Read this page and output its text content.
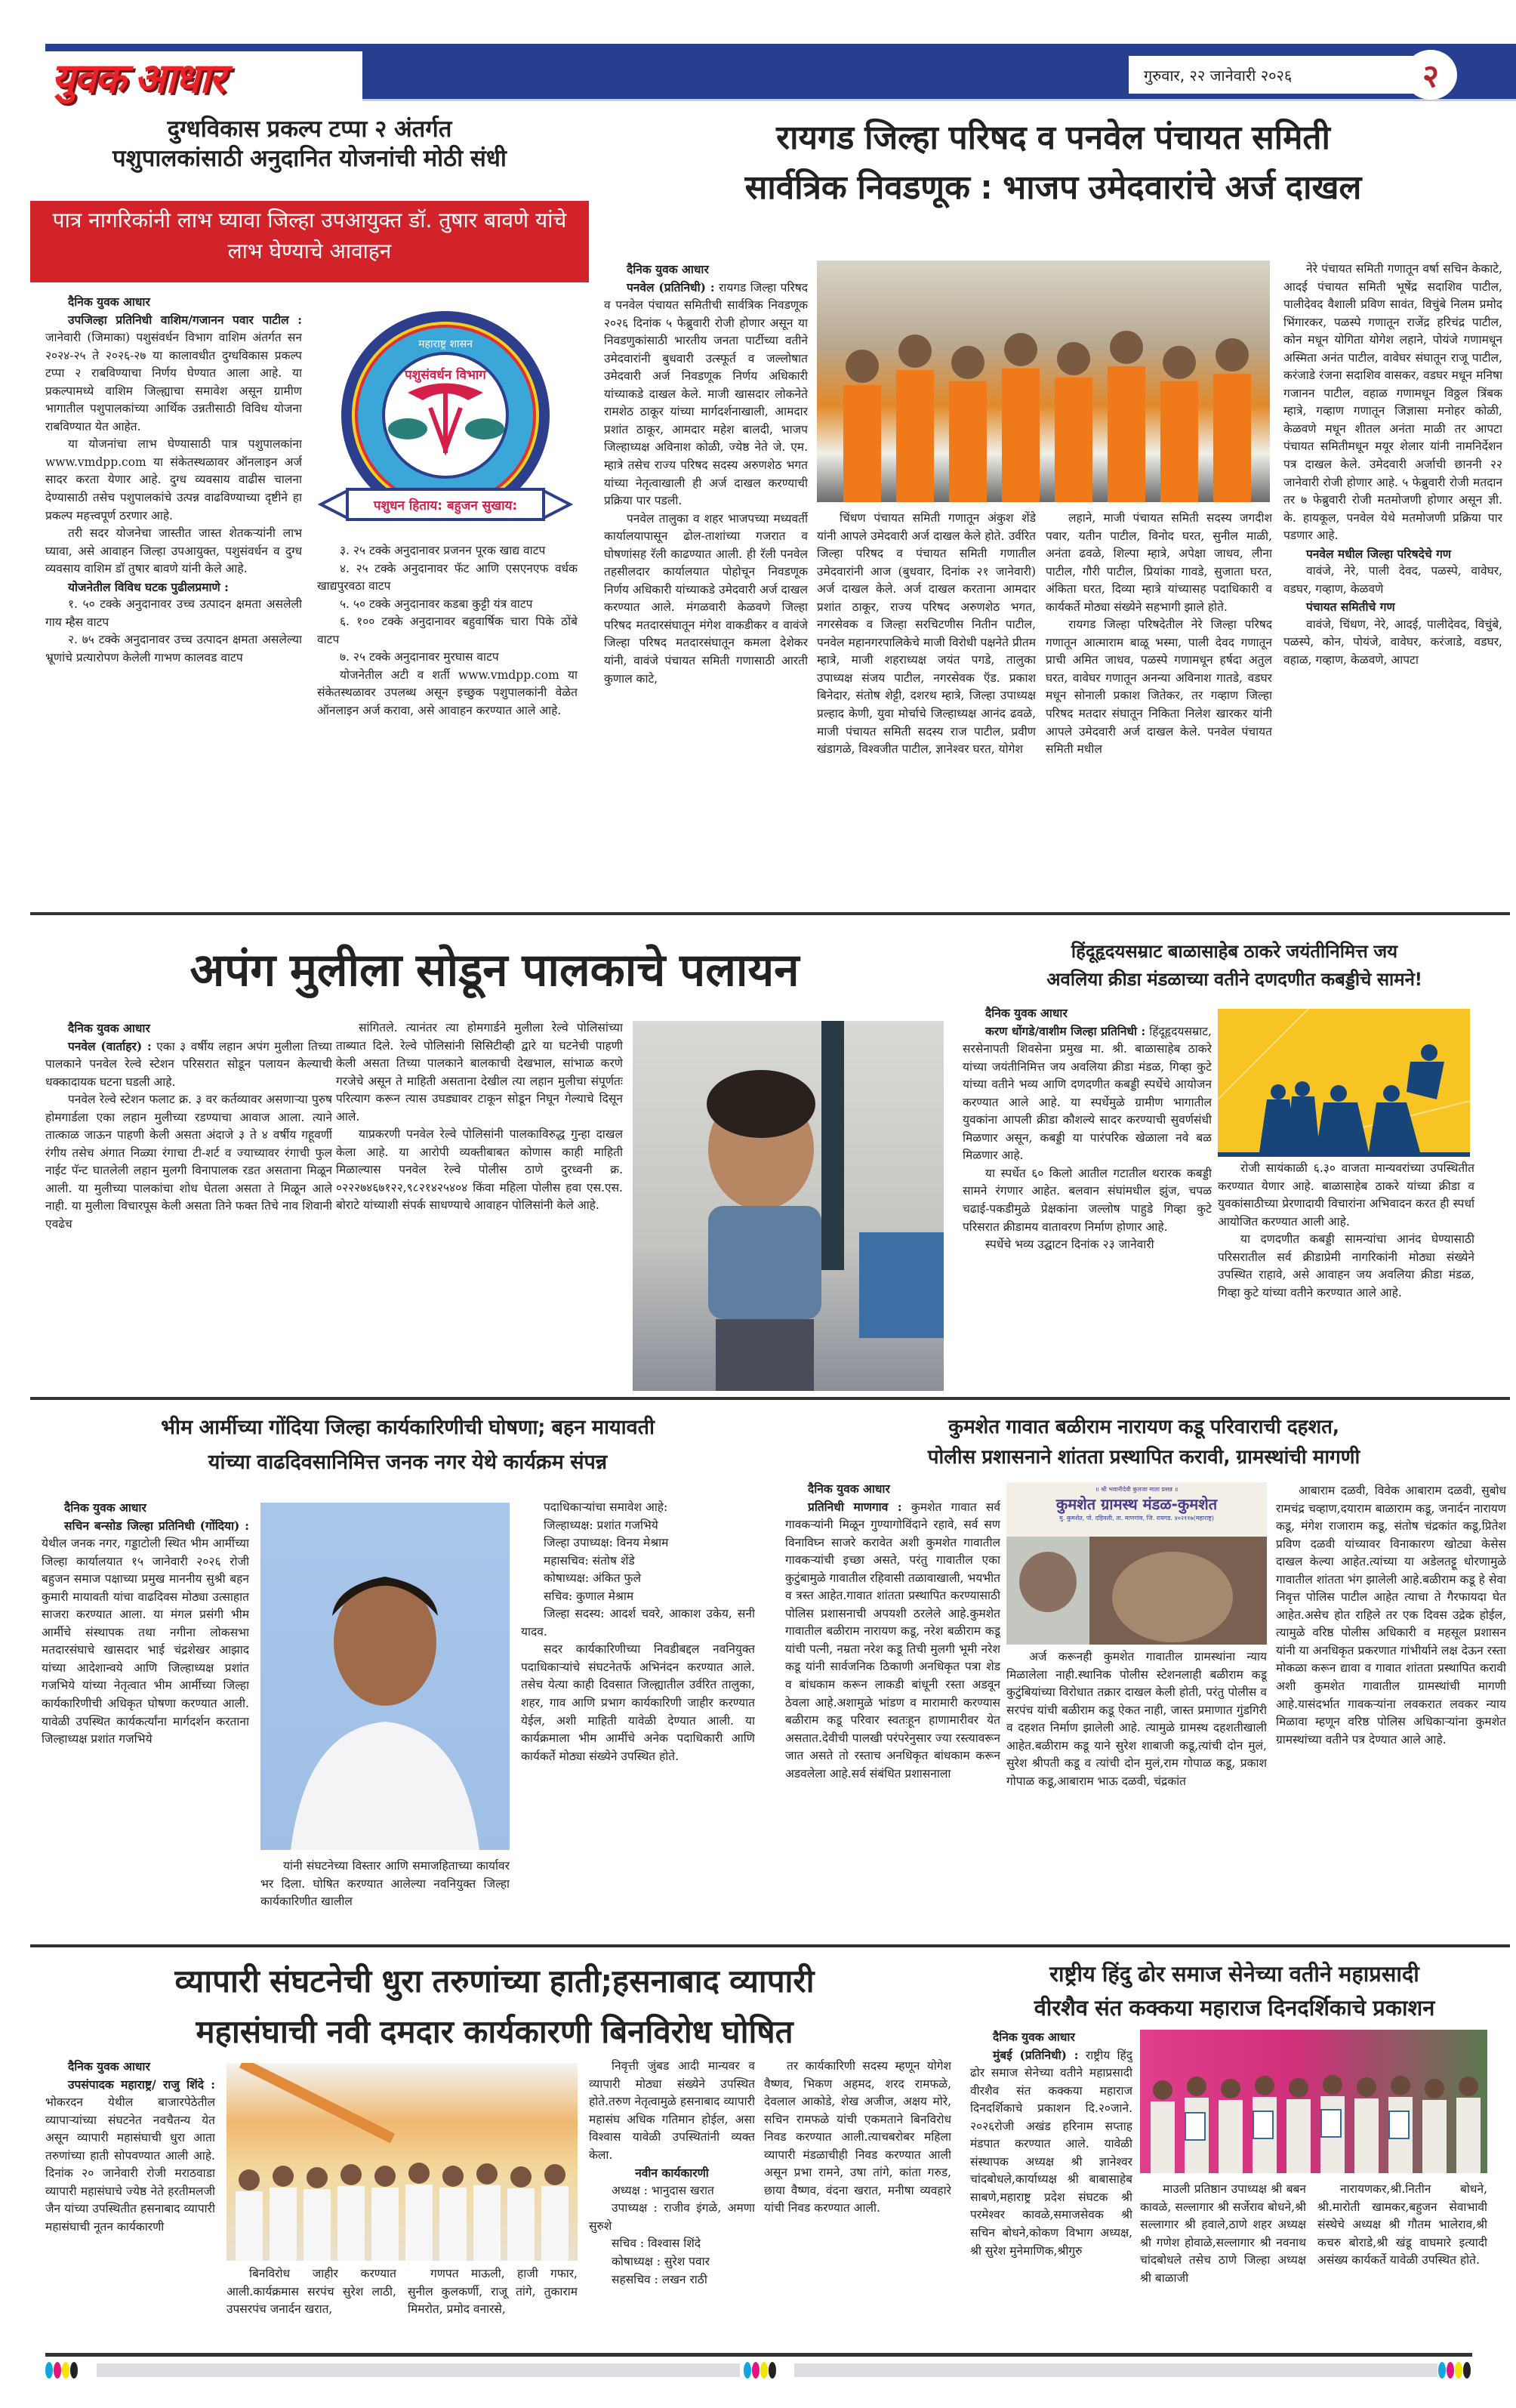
युवक आधार	गुरुवार, २२ जानेवारी २०२६	२
दुग्धविकास प्रकल्प टप्पा २ अंतर्गत
पशुपालकांसाठी अनुदानित योजनांची मोठी संधी
पात्र नागरिकांनी लाभ घ्यावा जिल्हा उपआयुक्त डॉ. तुषार बावणे यांचे लाभ घेण्याचे आवाहन

दैनिक युवक आधार

उपजिल्हा प्रतिनिधी वाशिम/गजानन पवार पाटील : जानेवारी (जिमाका) पशुसंवर्धन विभाग वाशिम अंतर्गत सन २०२४-२५ ते २०२६-२७ या कालावधीत दुग्धविकास प्रकल्प टप्पा २ राबविण्याचा निर्णय घेण्यात आला आहे. या प्रकल्पामध्ये वाशिम जिल्ह्याचा समावेश असून ग्रामीण भागातील पशुपालकांच्या आर्थिक उन्नतीसाठी विविध योजना राबविण्यात येत आहेत.

या योजनांचा लाभ घेण्यासाठी पात्र पशुपालकांना www.vmdpp.com या संकेतस्थळावर ऑनलाइन अर्ज सादर करता येणार आहे. दुग्ध व्यवसाय वाढीस चालना देण्यासाठी तसेच पशुपालकांचे उत्पन्न वाढविण्याच्या दृष्टीने हा प्रकल्प महत्त्वपूर्ण ठरणार आहे.

तरी सदर योजनेचा जास्तीत जास्त शेतकऱ्यांनी लाभ घ्यावा, असे आवाहन जिल्हा उपआयुक्त, पशुसंवर्धन व दुग्ध व्यवसाय वाशिम डॉ तुषार बावणे यांनी केले आहे.

योजनेतील विविध घटक पुढीलप्रमाणे :

१. ५० टक्के अनुदानावर उच्च उत्पादन क्षमता असलेली गाय म्हैस वाटप

२. ७५ टक्के अनुदानावर उच्च उत्पादन क्षमता असलेल्या भ्रूणांचे प्रत्यारोपण केलेली गाभण कालवड वाटप

महाराष्ट्र शासन
पशुसंवर्धन विभाग
पशुधन हिताय: बहुजन सुखाय:

३. २५ टक्के अनुदानावर प्रजनन पूरक खाद्य वाटप

४. २५ टक्के अनुदानावर फॅट आणि एसएनएफ वर्धक खाद्यपुरवठा वाटप

५. ५० टक्के अनुदानावर कडबा कुट्टी यंत्र वाटप

६. १०० टक्के अनुदानावर बहुवार्षिक चारा पिके ठोंबे वाटप

७. २५ टक्के अनुदानावर मुरघास वाटप

योजनेतील अटी व शर्ती www.vmdpp.com या संकेतस्थळावर उपलब्ध असून इच्छुक पशुपालकांनी वेळेत ऑनलाइन अर्ज करावा, असे आवाहन करण्यात आले आहे.

रायगड जिल्हा परिषद व पनवेल पंचायत समिती
सार्वत्रिक निवडणूक : भाजप उमेदवारांचे अर्ज दाखल

दैनिक युवक आधार

पनवेल (प्रतिनिधी) : रायगड जिल्हा परिषद व पनवेल पंचायत समितीची सार्वत्रिक निवडणूक २०२६ दिनांक ५ फेब्रुवारी रोजी होणार असून या निवडणुकांसाठी भारतीय जनता पार्टीच्या वतीने उमेदवारांनी बुधवारी उत्स्फूर्त व जल्लोषात उमेदवारी अर्ज निवडणूक निर्णय अधिकारी यांच्याकडे दाखल केले. माजी खासदार लोकनेते रामशेठ ठाकूर यांच्या मार्गदर्शनाखाली, आमदार प्रशांत ठाकूर, आमदार महेश बालदी, भाजप जिल्हाध्यक्ष अविनाश कोळी, ज्येष्ठ नेते जे. एम. म्हात्रे तसेच राज्य परिषद सदस्य अरुणशेठ भगत यांच्या नेतृत्वाखाली ही अर्ज दाखल करण्याची प्रक्रिया पार पडली.

पनवेल तालुका व शहर भाजपच्या मध्यवर्ती कार्यालयापासून ढोल-ताशांच्या गजरात व घोषणांसह रॅली काढण्यात आली. ही रॅली पनवेल तहसीलदार कार्यालयात पोहोचून निवडणूक निर्णय अधिकारी यांच्याकडे उमेदवारी अर्ज दाखल करण्यात आले. मंगळवारी केळवणे जिल्हा परिषद मतदारसंघातून मंगेश वाकडीकर व वावंजे जिल्हा परिषद मतदारसंघातून कमला देशेकर यांनी, वावंजे पंचायत समिती गणासाठी आरती कुणाल काटे,

चिंधण पंचायत समिती गणातून अंकुश शेंडे यांनी आपले उमेदवारी अर्ज दाखल केले होते. उर्वरित जिल्हा परिषद व पंचायत समिती गणातील उमेदवारांनी आज (बुधवार, दिनांक २१ जानेवारी) अर्ज दाखल केले. अर्ज दाखल करताना आमदार प्रशांत ठाकूर, राज्य परिषद अरुणशेठ भगत, नगरसेवक व जिल्हा सरचिटणीस नितीन पाटील, पनवेल महानगरपालिकेचे माजी विरोधी पक्षनेते प्रीतम म्हात्रे, माजी शहराध्यक्ष जयंत पगडे, तालुका उपाध्यक्ष संजय पाटील, नगरसेवक ऍड. प्रकाश बिनेदार, संतोष शेट्टी, दशरथ म्हात्रे, जिल्हा उपाध्यक्ष प्रल्हाद केणी, युवा मोर्चाचे जिल्हाध्यक्ष आनंद ढवळे, माजी पंचायत समिती सदस्य राज पाटील, प्रवीण खंडागळे, विश्वजीत पाटील, ज्ञानेश्वर घरत, योगेश

लहाने, माजी पंचायत समिती सदस्य जगदीश पवार, यतीन पाटील, विनोद घरत, सुनील माळी, अनंता ढवळे, शिल्पा म्हात्रे, अपेक्षा जाधव, लीना पाटील, गौरी पाटील, प्रियांका गावडे, सुजाता घरत, अंकिता घरत, दिव्या म्हात्रे यांच्यासह पदाधिकारी व कार्यकर्ते मोठ्या संख्येने सहभागी झाले होते.

रायगड जिल्हा परिषदेतील नेरे जिल्हा परिषद गणातून आत्माराम बाळू भस्मा, पाली देवद गणातून प्राची अमित जाधव, पळस्पे गणामधून हर्षदा अतुल घरत, वावेघर गणातून अनन्या अविनाश गातडे, वडघर मधून सोनाली प्रकाश जितेकर, तर गव्हाण जिल्हा परिषद मतदार संघातून निकिता निलेश खारकर यांनी आपले उमेदवारी अर्ज दाखल केले. पनवेल पंचायत समिती मधील

नेरे पंचायत समिती गणातून वर्षा सचिन केकाटे, आदई पंचायत समिती भूषेंद्र सदाशिव पाटील, पालीदेवद वैशाली प्रविण सावंत, विचुंबे निलम प्रमोद भिंगारकर, पळस्पे गणातून राजेंद्र हरिचंद्र पाटील, कोन मधून योगिता योगेश लहाने, पोयंजे गणामधून अस्मिता अनंत पाटील, वावेघर संघातून राजू पाटील, करंजाडे रंजना सदाशिव वासकर, वडघर मधून मनिषा गजानन पाटील, वहाळ गणामधून विठ्ठल त्रिंबक म्हात्रे, गव्हाण गणातून जिज्ञासा मनोहर कोळी, केळवणे मधून शीतल अनंता माळी तर आपटा पंचायत समितीमधून मयूर शेलार यांनी नामनिर्देशन पत्र दाखल केले. उमेदवारी अर्जाची छाननी २२ जानेवारी रोजी होणार आहे. ५ फेब्रुवारी रोजी मतदान तर ७ फेब्रुवारी रोजी मतमोजणी होणार असून ज्ञी. के. हायकूल, पनवेल येथे मतमोजणी प्रक्रिया पार पडणार आहे.

पनवेल मधील जिल्हा परिषदेचे गण

वावंजे, नेरे, पाली देवद, पळस्पे, वावेघर, वडघर, गव्हाण, केळवणे

पंचायत समितीचे गण

वावंजे, चिंधण, नेरे, आदई, पालीदेवद, विचुंबे, पळस्पे, कोन, पोयंजे, वावेघर, करंजाडे, वडघर, वहाळ, गव्हाण, केळवणे, आपटा

अपंग मुलीला सोडून पालकाचे पलायन

दैनिक युवक आधार

पनवेल (वार्ताहर) : एका ३ वर्षीय लहान अपंग मुलीला तिच्या पालकाने पनवेल रेल्वे स्टेशन परिसरात सोडून पलायन केल्याची धक्कादायक घटना घडली आहे.

पनवेल रेल्वे स्टेशन फलाट क्र. ३ वर कर्तव्यावर असणाऱ्या पुरुष होमगार्डला एका लहान मुलीच्या रडण्याचा आवाज आला. त्याने तात्काळ जाऊन पाहणी केली असता अंदाजे ३ ते ४ वर्षीय गहूवर्णी रंगीय तसेच अंगात निळ्या रंगाचा टी-शर्ट व ज्याच्यावर रंगाची फुल नाईट पॅन्ट घातलेली लहान मुलगी विनापालक रडत असताना मिळून आली. या मुलीच्या पालकांचा शोध घेतला असता ते मिळून आले नाही. या मुलीला विचारपूस केली असता तिने फक्त तिचे नाव शिवानी एवढेच

सांगितले. त्यानंतर त्या होमगार्डने मुलीला रेल्वे पोलिसांच्या ताब्यात दिले. रेल्वे पोलिसांनी सिसिटीव्ही द्वारे या घटनेची पाहणी केली असता तिच्या पालकाने बालकाची देखभाल, सांभाळ करणे गरजेचे असून ते माहिती असताना देखील त्या लहान मुलीचा संपूर्णतः परित्याग करून त्यास उघड्यावर टाकून सोडून निघून गेल्याचे दिसून आले.

याप्रकरणी पनवेल रेल्वे पोलिसांनी पालकाविरुद्ध गुन्हा दाखल केला आहे. या आरोपी व्यक्तीबाबत कोणास काही माहिती मिळाल्यास पनवेल रेल्वे पोलीस ठाणे दुरध्वनी क्र. ०२२२७४६७१२२,९८२१४२५४०४ किंवा महिला पोलीस हवा एस.एस. बोराटे यांच्याशी संपर्क साधण्याचे आवाहन पोलिसांनी केले आहे.

हिंदूहृदयसम्राट बाळासाहेब ठाकरे जयंतीनिमित्त जय
अवलिया क्रीडा मंडळाच्या वतीने दणदणीत कबड्डीचे सामने!

दैनिक युवक आधार

करण धोंगडे/वाशीम जिल्हा प्रतिनिधी : हिंदूहृदयसम्राट, सरसेनापती शिवसेना प्रमुख मा. श्री. बाळासाहेब ठाकरे यांच्या जयंतीनिमित्त जय अवलिया क्रीडा मंडळ, गिव्हा कुटे यांच्या वतीने भव्य आणि दणदणीत कबड्डी स्पर्धेचे आयोजन करण्यात आले आहे. या स्पर्धेमुळे ग्रामीण भागातील युवकांना आपली क्रीडा कौशल्ये सादर करण्याची सुवर्णसंधी मिळणार असून, कबड्डी या पारंपरिक खेळाला नवे बळ मिळणार आहे.

या स्पर्धेत ६० किलो आतील गटातील थरारक कबड्डी सामने रंगणार आहेत. बलवान संघांमधील झुंज, चपळ चढाई-पकडीमुळे प्रेक्षकांना जल्लोष पाहुडे गिव्हा कुटे परिसरात क्रीडामय वातावरण निर्माण होणार आहे.

स्पर्धेचे भव्य उद्घाटन दिनांक २३ जानेवारी

रोजी सायंकाळी ६.३० वाजता मान्यवरांच्या उपस्थितीत करण्यात येणार आहे. बाळासाहेब ठाकरे यांच्या क्रीडा व युवकांसाठीच्या प्रेरणादायी विचारांना अभिवादन करत ही स्पर्धा आयोजित करण्यात आली आहे.

या दणदणीत कबड्डी सामन्यांचा आनंद घेण्यासाठी परिसरातील सर्व क्रीडाप्रेमी नागरिकांनी मोठ्या संख्येने उपस्थित राहावे, असे आवाहन जय अवलिया क्रीडा मंडळ, गिव्हा कुटे यांच्या वतीने करण्यात आले आहे.

भीम आर्मीच्या गोंदिया जिल्हा कार्यकारिणीची घोषणा; बहन मायावती
यांच्या वाढदिवसानिमित्त जनक नगर येथे कार्यक्रम संपन्न

दैनिक युवक आधार

सचिन बन्सोड जिल्हा प्रतिनिधी (गोंदिया) : येथील जनक नगर, गड्डाटोली स्थित भीम आर्मीच्या जिल्हा कार्यालयात १५ जानेवारी २०२६ रोजी बहुजन समाज पक्षाच्या प्रमुख माननीय सुश्री बहन कुमारी मायावती यांचा वाढदिवस मोठ्या उत्साहात साजरा करण्यात आला. या मंगल प्रसंगी भीम आर्मीचे संस्थापक तथा नगीना लोकसभा मतदारसंघाचे खासदार भाई चंद्रशेखर आझाद यांच्या आदेशान्वये आणि जिल्हाध्यक्ष प्रशांत गजभिये यांच्या नेतृत्वात भीम आर्मीच्या जिल्हा कार्यकारिणीची अधिकृत घोषणा करण्यात आली. यावेळी उपस्थित कार्यकर्त्यांना मार्गदर्शन करताना जिल्हाध्यक्ष प्रशांत गजभिये

यांनी संघटनेच्या विस्तार आणि समाजहिताच्या कार्यावर भर दिला. घोषित करण्यात आलेल्या नवनियुक्त जिल्हा कार्यकारिणीत खालील

पदाधिकाऱ्यांचा समावेश आहे:

जिल्हाध्यक्ष: प्रशांत गजभिये

जिल्हा उपाध्यक्ष: विनय मेश्राम

महासचिव: संतोष शेंडे

कोषाध्यक्ष: अंकित फुले

सचिव: कुणाल मेश्राम

जिल्हा सदस्य: आदर्श चवरे, आकाश उकेय, सनी यादव.

सदर कार्यकारिणीच्या निवडीबद्दल नवनियुक्त पदाधिकाऱ्यांचे संघटनेतर्फे अभिनंदन करण्यात आले. तसेच येत्या काही दिवसात जिल्ह्यातील उर्वरित तालुका, शहर, गाव आणि प्रभाग कार्यकारिणी जाहीर करण्यात येईल, अशी माहिती यावेळी देण्यात आली. या कार्यक्रमाला भीम आर्मीचे अनेक पदाधिकारी आणि कार्यकर्ते मोठ्या संख्येने उपस्थित होते.

कुमशेत गावात बळीराम नारायण कडू परिवाराची दहशत,
पोलीस प्रशासनाने शांतता प्रस्थापित करावी, ग्रामस्थांची मागणी

दैनिक युवक आधार

प्रतिनिधी माणगाव : कुमशेत गावात सर्व गावकऱ्यांनी मिळून गुण्यागोविंदाने रहावे, सर्व सण विनाविघ्न साजरे करावेत अशी कुमशेत गावातील गावकऱ्यांची इच्छा असते, परंतु गावातील एका कुटुंबामुळे गावातील रहिवासी तळावाखाली, भयभीत व त्रस्त आहेत.गावात शांतता प्रस्थापित करण्यासाठी पोलिस प्रशासनाची अपयशी ठरलेले आहे.कुमशेत गावातील बळीराम नारायण कडू, नरेश बळीराम कडू यांची पत्नी, नम्रता नरेश कडू तिची मुलगी भूमी नरेश कडू यांनी सार्वजनिक ठिकाणी अनधिकृत पत्रा शेड व बांधकाम करून लाकडी बांधूनी रस्ता अडवून ठेवला आहे.अशामुळे भांडण व मारामारी करण्यास बळीराम कडू परिवार स्वतःहून हाणामारीवर येत असतात.देवीची पालखी परंपरेनुसार ज्या रस्त्यावरून जात असते तो रस्ताच अनधिकृत बांधकाम करून अडवलेला आहे.सर्व संबंधित प्रशासनाला

॥ श्री भवानीदेवी कुलजा माता प्रसन्न ॥
कुमशेत ग्रामस्थ मंडळ-कुमशेत
मु. कुमशेत, पो. दहिवली, ता. माणगांव, जि. रायगड. ४०२११७(महाराष्ट्र)

अर्ज करूनही कुमशेत गावातील ग्रामस्थांना न्याय मिळालेला नाही.स्थानिक पोलीस स्टेशनलाही बळीराम कडू कुटुंबियांच्या विरोधात तक्रार दाखल केली होती, परंतु पोलीस व सरपंच यांची बळीराम कडू ऐकत नाही, जास्त प्रमाणात गुंडगिरी व दहशत निर्माण झालेली आहे. त्यामुळे ग्रामस्थ दहशतीखाली आहेत.बळीराम कडू याने सुरेश शाबाजी कडू,त्यांची दोन मुलं, सुरेश श्रीपती कडू व त्यांची दोन मुलं,राम गोपाळ कडू, प्रकाश गोपाळ कडू,आबाराम भाऊ दळवी, चंद्रकांत

आबाराम दळवी, विवेक आबाराम दळवी, सुबोध रामचंद्र चव्हाण,दयाराम बाळाराम कडू, जनार्दन नारायण कडू, मंगेश राजाराम कडू, संतोष चंद्रकांत कडू,प्रितेश प्रविण दळवी यांच्यावर विनाकारण खोट्या केसेस दाखल केल्या आहेत.त्यांच्या या अडेलतट्टू धोरणामुळे गावातील शांतता भंग झालेली आहे.बळीराम कडू हे सेवा निवृत्त पोलिस पाटील आहेत त्याचा ते गैरफायदा घेत आहेत.असेच होत राहिले तर एक दिवस उद्रेक होईल, त्यामुळे वरिष्ठ पोलीस अधिकारी व महसूल प्रशासन यांनी या अनधिकृत प्रकरणात गांभीर्याने लक्ष देऊन रस्ता मोकळा करून द्यावा व गावात शांतता प्रस्थापित करावी अशी कुमशेत गावातील ग्रामस्थांची मागणी आहे.यासंदर्भात गावकऱ्यांना लवकरात लवकर न्याय मिळावा म्हणून वरिष्ठ पोलिस अधिकाऱ्यांना कुमशेत ग्रामस्थांच्या वतीने पत्र देण्यात आले आहे.

व्यापारी संघटनेची धुरा तरुणांच्या हाती;हसनाबाद व्यापारी
महासंघाची नवी दमदार कार्यकारणी बिनविरोध घोषित

दैनिक युवक आधार

उपसंपादक महाराष्ट्र/ राजु शिंदे : भोकरदन येथील बाजारपेठेतील व्यापाऱ्यांच्या संघटनेत नवचैतन्य येत असून व्यापारी महासंघाची धुरा आता तरुणांच्या हाती सोपवण्यात आली आहे. दिनांक २० जानेवारी रोजी मराठवाडा व्यापारी महासंघाचे ज्येष्ठ नेते हरतीमलजी जैन यांच्या उपस्थितीत हसनाबाद व्यापारी महासंघाची नूतन कार्यकारणी

बिनविरोध जाहीर करण्यात आली.कार्यक्रमास सरपंच सुरेश लाठी, उपसरपंच जनार्दन खरात,

गणपत माऊली, हाजी गफार, सुनील कुलकर्णी, राजू तांगे, तुकाराम मिमरोत, प्रमोद वनारसे,

निवृत्ती जुंबड आदी मान्यवर व व्यापारी मोठ्या संख्येने उपस्थित होते.तरुण नेतृत्वामुळे हसनाबाद व्यापारी महासंघ अधिक गतिमान होईल, असा विश्वास यावेळी उपस्थितांनी व्यक्त केला.

नवीन कार्यकारणी

अध्यक्ष : भानुदास खरात

उपाध्यक्ष : राजीव इंगळे, अमणा सुरुशे

सचिव : विश्वास शिंदे

कोषाध्यक्ष : सुरेश पवार

सहसचिव : लखन राठी

तर कार्यकारिणी सदस्य म्हणून योगेश वैष्णव, भिकण अहमद, शरद रामफळे, देवलाल आकोडे, शेख अजीज, अक्षय मोरे, सचिन रामफळे यांची एकमताने बिनविरोध निवड करण्यात आली.त्याचबरोबर महिला व्यापारी मंडळाचीही निवड करण्यात आली असून प्रभा रामने, उषा तांगे, कांता गरुड, छाया वैष्णव, वंदना खरात, मनीषा व्यवहारे यांची निवड करण्यात आली.

राष्ट्रीय हिंदु ढोर समाज सेनेच्या वतीने महाप्रसादी
वीरशैव संत कक्कया महाराज दिनदर्शिकाचे प्रकाशन

दैनिक युवक आधार

मुंबई (प्रतिनिधी) : राष्ट्रीय हिंदु ढोर समाज सेनेच्या वतीने महाप्रसादी वीरशैव संत कक्कया महाराज दिनदर्शिकाचे प्रकाशन दि.२०जाने. २०२६रोजी अखंड हरिनाम सप्ताह मंडपात करण्यात आले. यावेळी संस्थापक अध्यक्ष श्री ज्ञानेश्वर चांदबोधले,कार्याध्यक्ष श्री बाबासाहेब साबणे,महाराष्ट्र प्रदेश संघटक श्री परमेश्वर कावळे,समाजसेवक श्री सचिन बोधने,कोकण विभाग अध्यक्ष, श्री सुरेश मुनेमाणिक,श्रीगुरु

माउली प्रतिष्ठान उपाध्यक्ष श्री बबन कावळे, सल्लागार श्री सर्जेराव बोधने,श्री सल्लागार श्री हवाले,ठाणे शहर अध्यक्ष श्री गणेश होवाळे,सल्लागार श्री नवनाथ चांदबोधले तसेच ठाणे जिल्हा अध्यक्ष श्री बाळाजी

नारायणकर,श्री.नितीन बोधने, श्री.मारोती खामकर,बहुजन सेवाभावी संस्थेचे अध्यक्ष श्री गौतम भालेराव,श्री कचरु बोराडे,श्री खंडू वाघमारे इत्यादी असंख्य कार्यकर्ते यावेळी उपस्थित होते.
